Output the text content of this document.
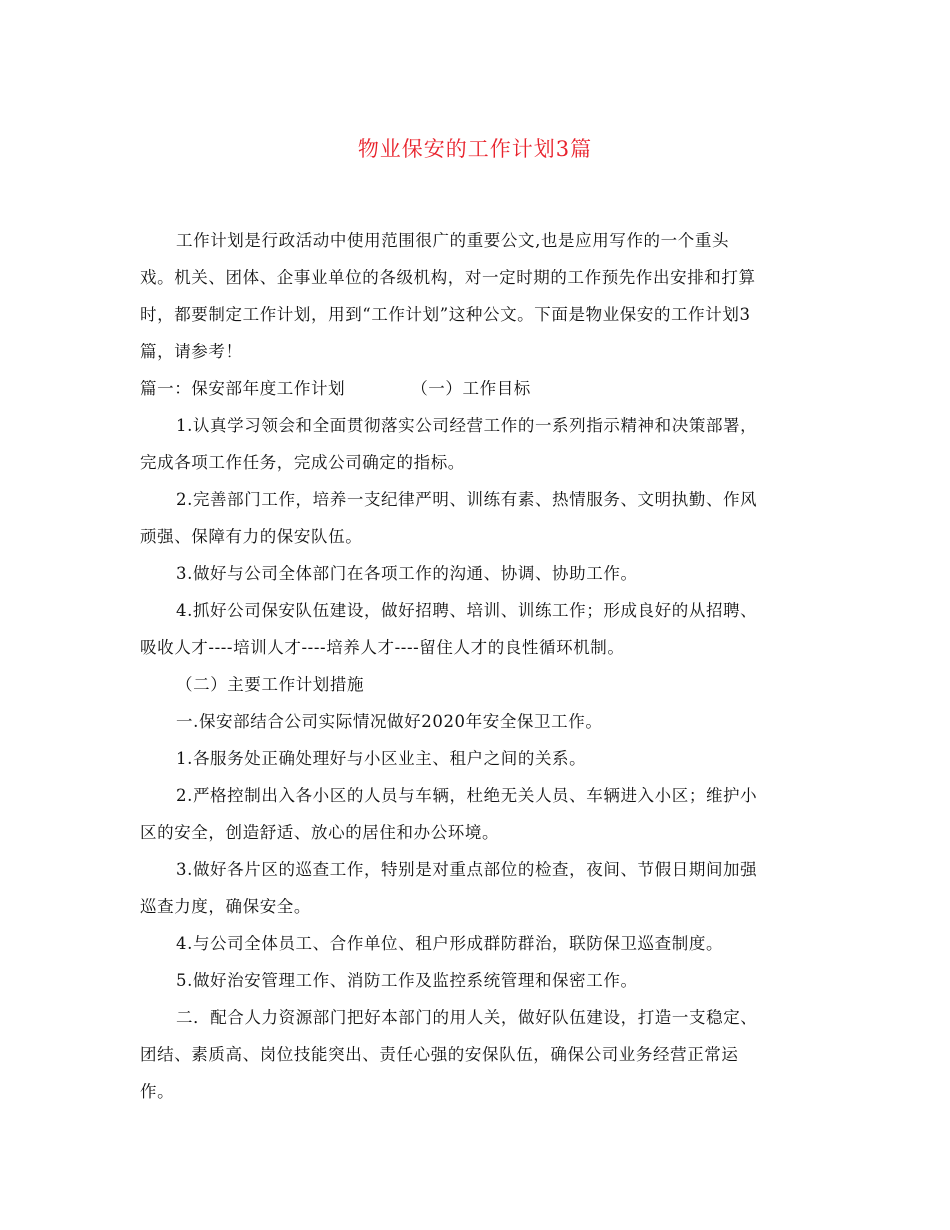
物业保安的工作计划3篇
工作计划是行政活动中使用范围很广的重要公文,也是应用写作的一个重头
戏。机关、团体、企事业单位的各级机构，对一定时期的工作预先作出安排和打算
时，都要制定工作计划，用到“工作计划”这种公文。下面是物业保安的工作计划3
篇，请参考！
篇一：保安部年度工作计划	（一）工作目标
1.认真学习领会和全面贯彻落实公司经营工作的一系列指示精神和决策部署，
完成各项工作任务，完成公司确定的指标。
2.完善部门工作，培养一支纪律严明、训练有素、热情服务、文明执勤、作风
顽强、保障有力的保安队伍。
3.做好与公司全体部门在各项工作的沟通、协调、协助工作。
4.抓好公司保安队伍建设，做好招聘、培训、训练工作；形成良好的从招聘、
吸收人才----培训人才----培养人才----留住人才的良性循环机制。
（二）主要工作计划措施
一.保安部结合公司实际情况做好2020年安全保卫工作。
1.各服务处正确处理好与小区业主、租户之间的关系。
2.严格控制出入各小区的人员与车辆，杜绝无关人员、车辆进入小区；维护小
区的安全，创造舒适、放心的居住和办公环境。
3.做好各片区的巡查工作，特别是对重点部位的检查，夜间、节假日期间加强
巡查力度，确保安全。
4.与公司全体员工、合作单位、租户形成群防群治，联防保卫巡查制度。
5.做好治安管理工作、消防工作及监控系统管理和保密工作。
二．配合人力资源部门把好本部门的用人关，做好队伍建设，打造一支稳定、
团结、素质高、岗位技能突出、责任心强的安保队伍，确保公司业务经营正常运
作。
